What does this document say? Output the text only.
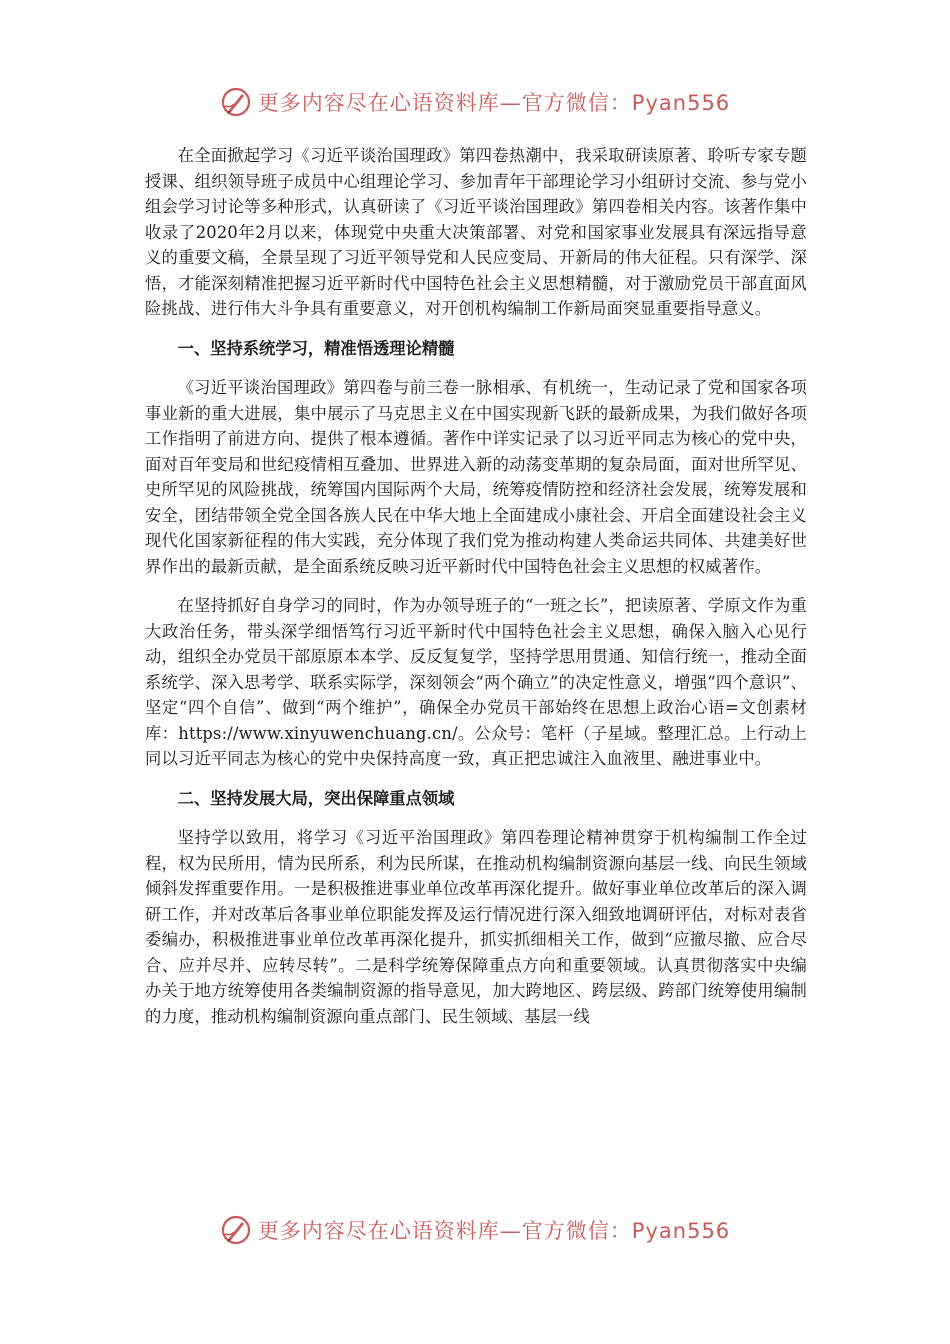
更多内容尽在心语资料库—官方微信：Pyan556

在全面掀起学习《习近平谈治国理政》第四卷热潮中，我采取研读原著、聆听专家专题授课、组织领导班子成员中心组理论学习、参加青年干部理论学习小组研讨交流、参与党小组会学习讨论等多种形式，认真研读了《习近平谈治国理政》第四卷相关内容。该著作集中收录了2020年2月以来，体现党中央重大决策部署、对党和国家事业发展具有深远指导意义的重要文稿，全景呈现了习近平领导党和人民应变局、开新局的伟大征程。只有深学、深悟，才能深刻精准把握习近平新时代中国特色社会主义思想精髓，对于激励党员干部直面风险挑战、进行伟大斗争具有重要意义，对开创机构编制工作新局面突显重要指导意义。

一、坚持系统学习，精准悟透理论精髓

《习近平谈治国理政》第四卷与前三卷一脉相承、有机统一，生动记录了党和国家各项事业新的重大进展，集中展示了马克思主义在中国实现新飞跃的最新成果，为我们做好各项工作指明了前进方向、提供了根本遵循。著作中详实记录了以习近平同志为核心的党中央，面对百年变局和世纪疫情相互叠加、世界进入新的动荡变革期的复杂局面，面对世所罕见、史所罕见的风险挑战，统筹国内国际两个大局，统筹疫情防控和经济社会发展，统筹发展和安全，团结带领全党全国各族人民在中华大地上全面建成小康社会、开启全面建设社会主义现代化国家新征程的伟大实践，充分体现了我们党为推动构建人类命运共同体、共建美好世界作出的最新贡献，是全面系统反映习近平新时代中国特色社会主义思想的权威著作。

在坚持抓好自身学习的同时，作为办领导班子的“一班之长”，把读原著、学原文作为重大政治任务，带头深学细悟笃行习近平新时代中国特色社会主义思想，确保入脑入心见行动，组织全办党员干部原原本本学、反反复复学，坚持学思用贯通、知信行统一，推动全面系统学、深入思考学、联系实际学，深刻领会“两个确立”的决定性意义，增强“四个意识”、坚定“四个自信”、做到“两个维护”，确保全办党员干部始终在思想上政治心语=文创素材库：https://www.xinyuwenchuang.cn/。公众号：笔杆（子星域。整理汇总。上行动上同以习近平同志为核心的党中央保持高度一致，真正把忠诚注入血液里、融进事业中。

二、坚持发展大局，突出保障重点领域

坚持学以致用，将学习《习近平治国理政》第四卷理论精神贯穿于机构编制工作全过程，权为民所用，情为民所系，利为民所谋，在推动机构编制资源向基层一线、向民生领域倾斜发挥重要作用。一是积极推进事业单位改革再深化提升。做好事业单位改革后的深入调研工作，并对改革后各事业单位职能发挥及运行情况进行深入细致地调研评估，对标对表省委编办，积极推进事业单位改革再深化提升，抓实抓细相关工作，做到“应撤尽撤、应合尽合、应并尽并、应转尽转”。二是科学统筹保障重点方向和重要领域。认真贯彻落实中央编办关于地方统筹使用各类编制资源的指导意见，加大跨地区、跨层级、跨部门统筹使用编制的力度，推动机构编制资源向重点部门、民生领域、基层一线

更多内容尽在心语资料库—官方微信：Pyan556
